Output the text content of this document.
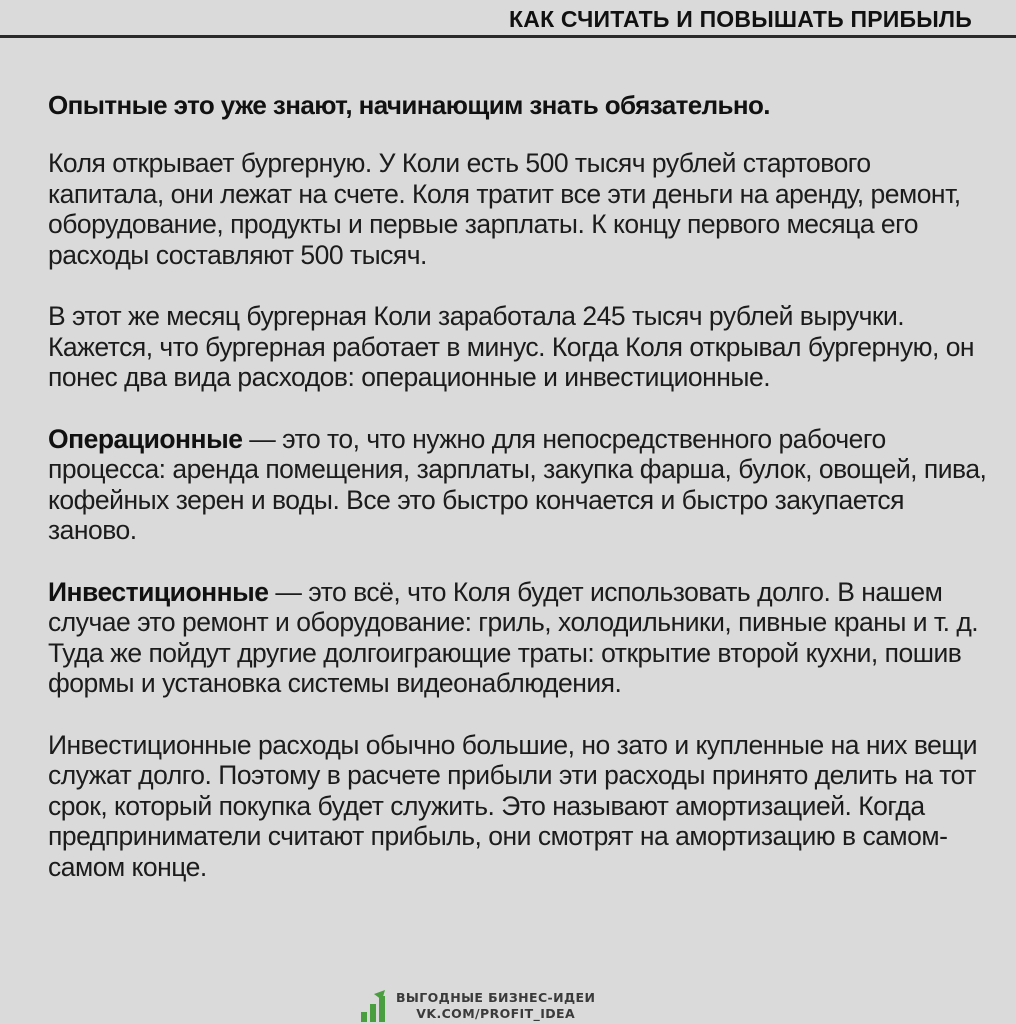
КАК СЧИТАТЬ И ПОВЫШАТЬ ПРИБЫЛЬ

Опытные это уже знают, начинающим знать обязательно.

Коля открывает бургерную. У Коли есть 500 тысяч рублей стартового капитала, они лежат на счете. Коля тратит все эти деньги на аренду, ремонт, оборудование, продукты и первые зарплаты. К концу первого месяца его расходы составляют 500 тысяч.

В этот же месяц бургерная Коли заработала 245 тысяч рублей выручки. Кажется, что бургерная работает в минус. Когда Коля открывал бургерную, он понес два вида расходов: операционные и инвестиционные.

Операционные — это то, что нужно для непосредственного рабочего процесса: аренда помещения, зарплаты, закупка фарша, булок, овощей, пива, кофейных зерен и воды. Все это быстро кончается и быстро закупается заново.

Инвестиционные — это всё, что Коля будет использовать долго. В нашем случае это ремонт и оборудование: гриль, холодильники, пивные краны и т. д. Туда же пойдут другие долгоиграющие траты: открытие второй кухни, пошив формы и установка системы видеонаблюдения.

Инвестиционные расходы обычно большие, но зато и купленные на них вещи служат долго. Поэтому в расчете прибыли эти расходы принято делить на тот срок, который покупка будет служить. Это называют амортизацией. Когда предприниматели считают прибыль, они смотрят на амортизацию в самом-самом конце.

ВЫГОДНЫЕ БИЗНЕС-ИДЕИ
VK.COM/PROFIT_IDEA
